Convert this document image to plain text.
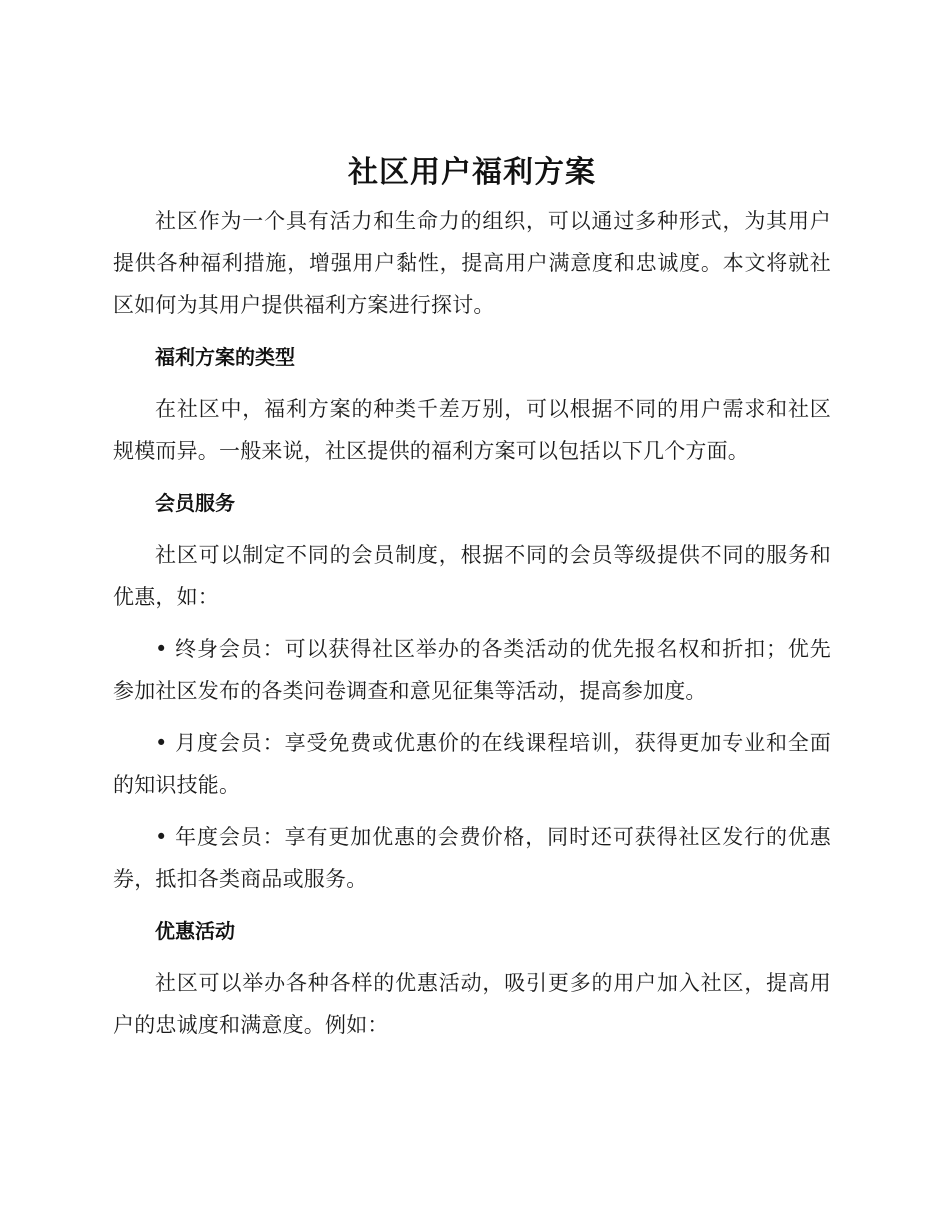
社区用户福利方案

社区作为一个具有活力和生命力的组织，可以通过多种形式，为其用户提供各种福利措施，增强用户黏性，提高用户满意度和忠诚度。本文将就社区如何为其用户提供福利方案进行探讨。

福利方案的类型

在社区中，福利方案的种类千差万别，可以根据不同的用户需求和社区规模而异。一般来说，社区提供的福利方案可以包括以下几个方面。

会员服务

社区可以制定不同的会员制度，根据不同的会员等级提供不同的服务和优惠，如：

• 终身会员：可以获得社区举办的各类活动的优先报名权和折扣；优先参加社区发布的各类问卷调查和意见征集等活动，提高参加度。

• 月度会员：享受免费或优惠价的在线课程培训，获得更加专业和全面的知识技能。

• 年度会员：享有更加优惠的会费价格，同时还可获得社区发行的优惠券，抵扣各类商品或服务。

优惠活动

社区可以举办各种各样的优惠活动，吸引更多的用户加入社区，提高用户的忠诚度和满意度。例如：
